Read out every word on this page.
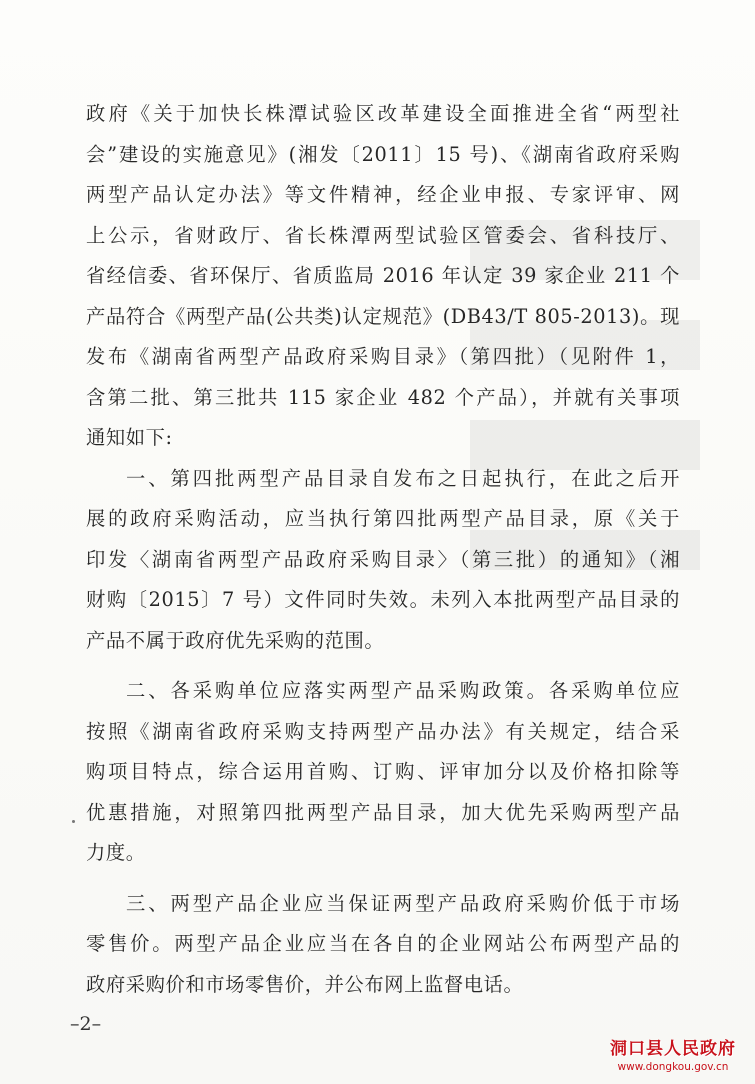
政府《关于加快长株潭试验区改革建设全面推进全省“两型社
会”建设的实施意见》(湘发〔2011〕15 号)、《湖南省政府采购
两型产品认定办法》等文件精神，经企业申报、专家评审、网
上公示，省财政厅、省长株潭两型试验区管委会、省科技厅、
省经信委、省环保厅、省质监局 2016 年认定 39 家企业 211 个
产品符合《两型产品(公共类)认定规范》(DB43/T 805-2013)。现
发布《湖南省两型产品政府采购目录》（第四批）（见附件 1，
含第二批、第三批共 115 家企业 482 个产品），并就有关事项
通知如下:
一、第四批两型产品目录自发布之日起执行，在此之后开
展的政府采购活动，应当执行第四批两型产品目录，原《关于
印发〈湖南省两型产品政府采购目录〉（第三批）的通知》（湘
财购〔2015〕7 号）文件同时失效。未列入本批两型产品目录的
产品不属于政府优先采购的范围。
二、各采购单位应落实两型产品采购政策。各采购单位应
按照《湖南省政府采购支持两型产品办法》有关规定，结合采
购项目特点，综合运用首购、订购、评审加分以及价格扣除等
优惠措施，对照第四批两型产品目录，加大优先采购两型产品
力度。
三、两型产品企业应当保证两型产品政府采购价低于市场
零售价。两型产品企业应当在各自的企业网站公布两型产品的
政府采购价和市场零售价，并公布网上监督电话。
–2–
洞口县人民政府
www.dongkou.gov.cn
